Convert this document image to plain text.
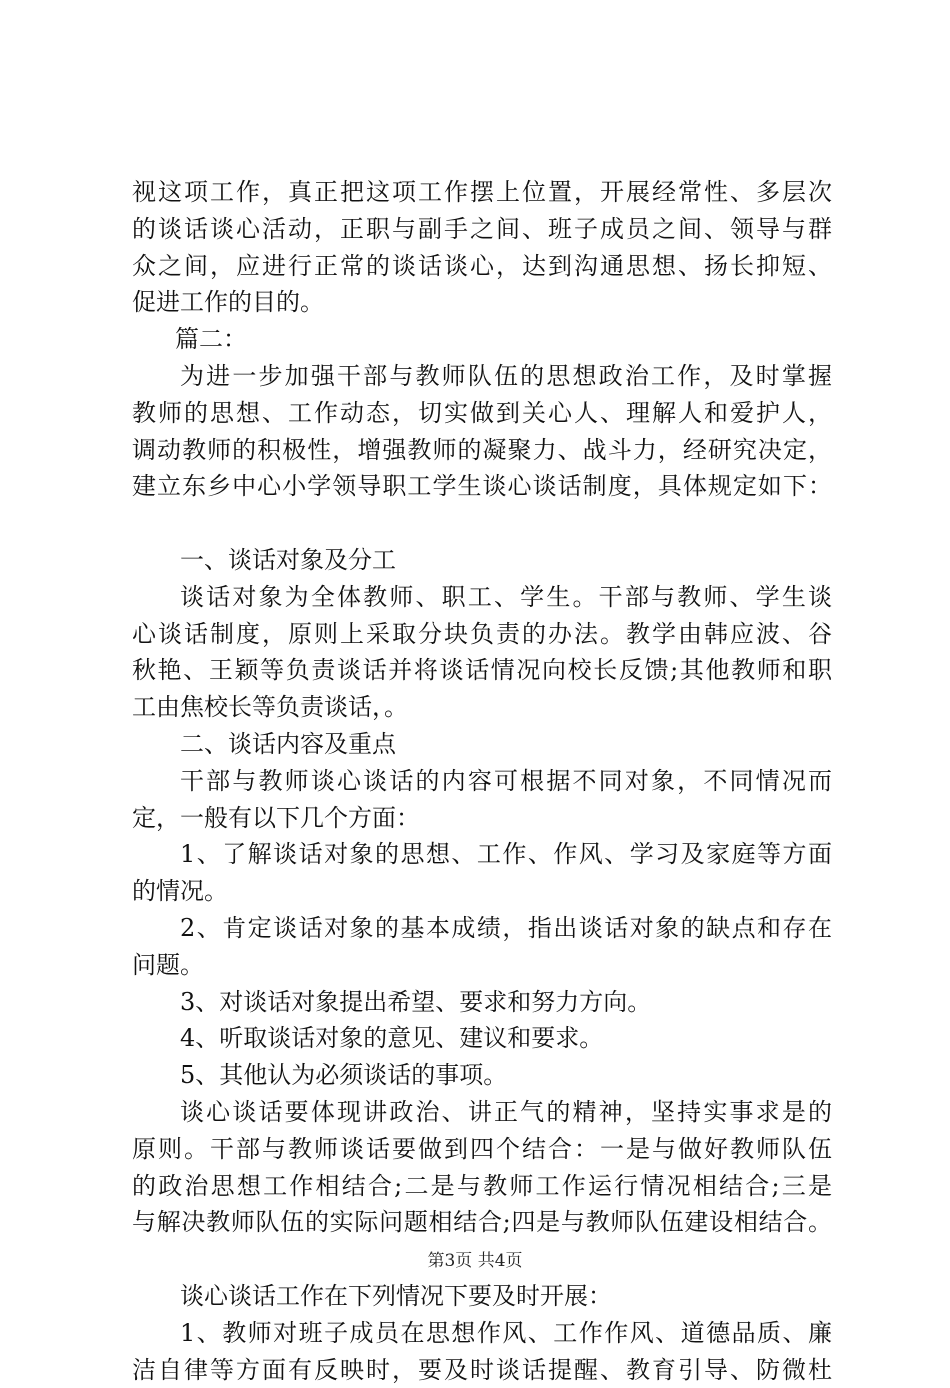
视这项工作，真正把这项工作摆上位置，开展经常性、多层次
的谈话谈心活动，正职与副手之间、班子成员之间、领导与群
众之间，应进行正常的谈话谈心，达到沟通思想、扬长抑短、
促进工作的目的。
篇二：
为进一步加强干部与教师队伍的思想政治工作，及时掌握
教师的思想、工作动态，切实做到关心人、理解人和爱护人，
调动教师的积极性，增强教师的凝聚力、战斗力，经研究决定，
建立东乡中心小学领导职工学生谈心谈话制度，具体规定如下：
一、谈话对象及分工
谈话对象为全体教师、职工、学生。干部与教师、学生谈
心谈话制度，原则上采取分块负责的办法。教学由韩应波、谷
秋艳、王颖等负责谈话并将谈话情况向校长反馈;其他教师和职
工由焦校长等负责谈话，。
二、谈话内容及重点
干部与教师谈心谈话的内容可根据不同对象，不同情况而
定，一般有以下几个方面：
1、了解谈话对象的思想、工作、作风、学习及家庭等方面
的情况。
2、肯定谈话对象的基本成绩，指出谈话对象的缺点和存在
问题。
3、对谈话对象提出希望、要求和努力方向。
4、听取谈话对象的意见、建议和要求。
5、其他认为必须谈话的事项。
谈心谈话要体现讲政治、讲正气的精神，坚持实事求是的
原则。干部与教师谈话要做到四个结合：一是与做好教师队伍
的政治思想工作相结合;二是与教师工作运行情况相结合;三是
与解决教师队伍的实际问题相结合;四是与教师队伍建设相结合。
谈心谈话工作在下列情况下要及时开展：
1、教师对班子成员在思想作风、工作作风、道德品质、廉
洁自律等方面有反映时，要及时谈话提醒、教育引导、防微杜
第3页 共4页
